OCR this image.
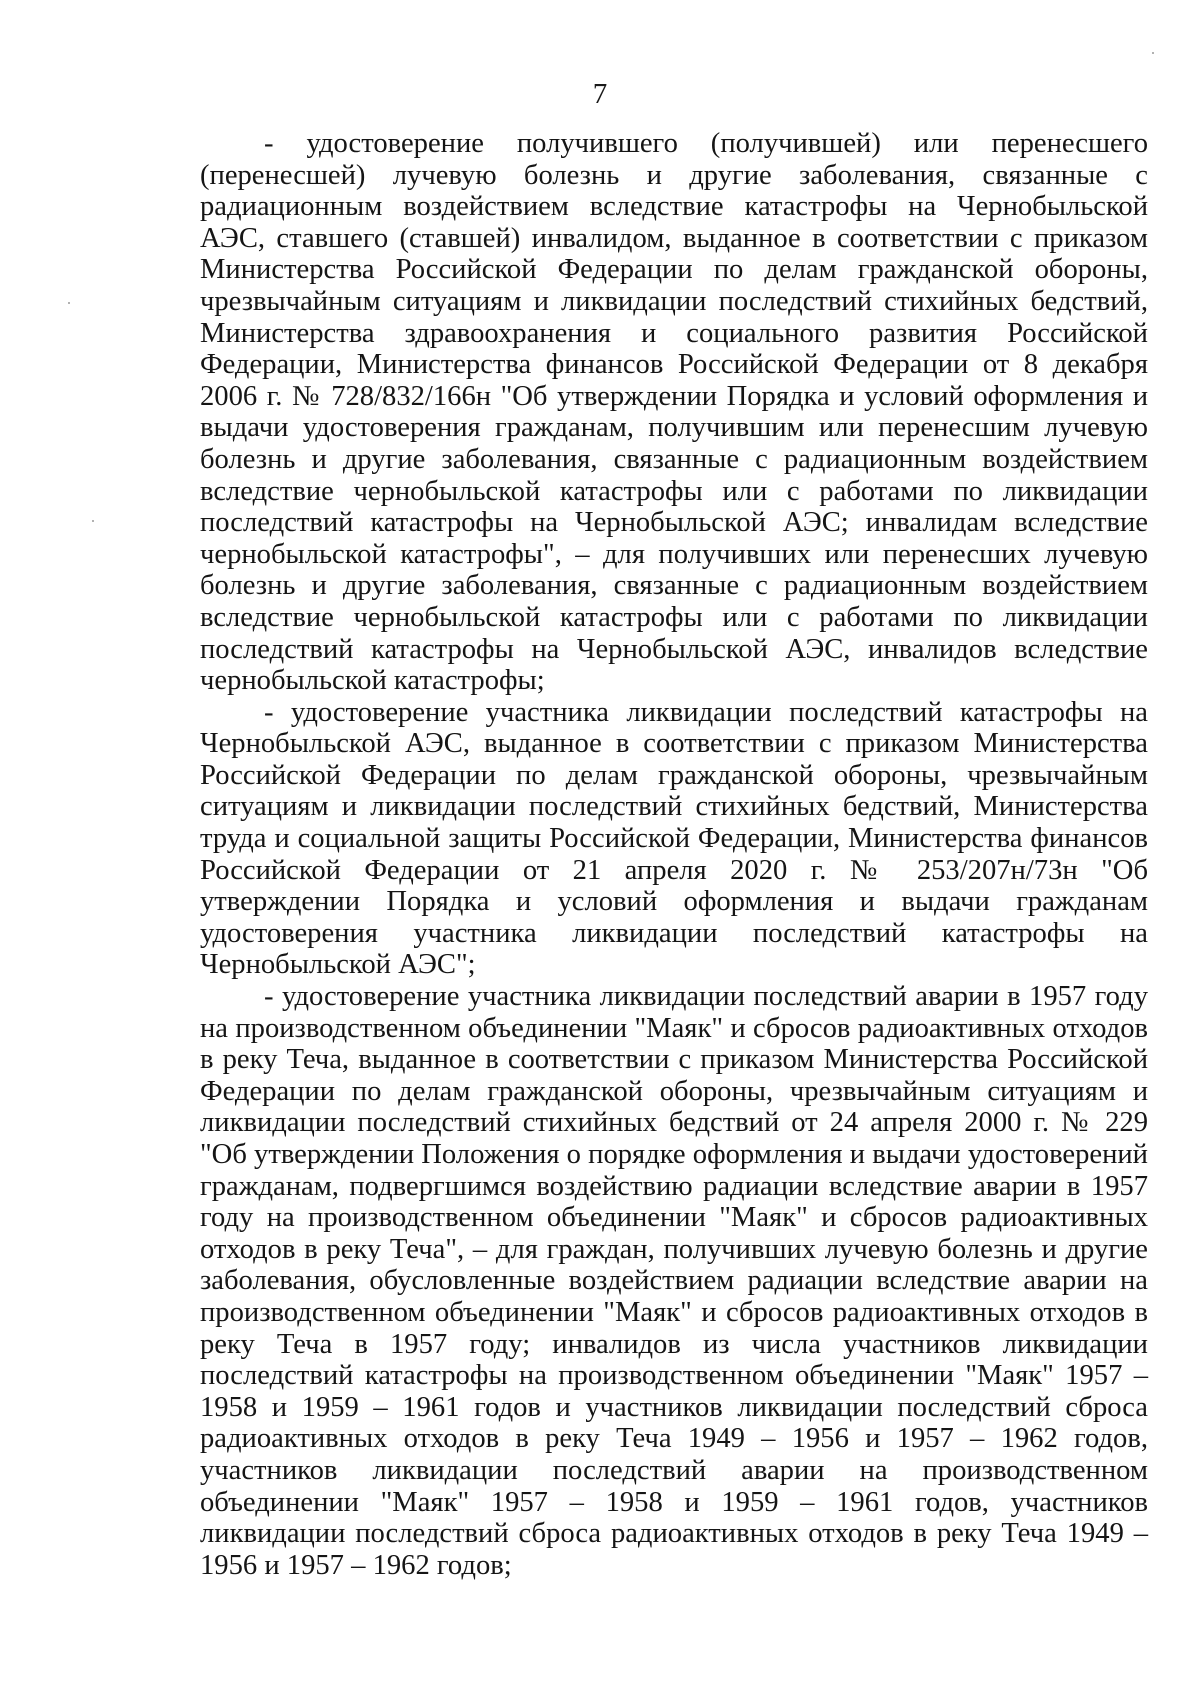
7

- удостоверение получившего (получившей) или перенесшего (перенесшей) лучевую болезнь и другие заболевания, связанные с радиационным воздействием вследствие катастрофы на Чернобыльской АЭС, ставшего (ставшей) инвалидом, выданное в соответствии с приказом Министерства Российской Федерации по делам гражданской обороны, чрезвычайным ситуациям и ликвидации последствий стихийных бедствий, Министерства здравоохранения и социального развития Российской Федерации, Министерства финансов Российской Федерации от 8 декабря 2006 г. № 728/832/166н "Об утверждении Порядка и условий оформления и выдачи удостоверения гражданам, получившим или перенесшим лучевую болезнь и другие заболевания, связанные с радиационным воздействием вследствие чернобыльской катастрофы или с работами по ликвидации последствий катастрофы на Чернобыльской АЭС; инвалидам вследствие чернобыльской катастрофы", – для получивших или перенесших лучевую болезнь и другие заболевания, связанные с радиационным воздействием вследствие чернобыльской катастрофы или с работами по ликвидации последствий катастрофы на Чернобыльской АЭС, инвалидов вследствие чернобыльской катастрофы;

- удостоверение участника ликвидации последствий катастрофы на Чернобыльской АЭС, выданное в соответствии с приказом Министерства Российской Федерации по делам гражданской обороны, чрезвычайным ситуациям и ликвидации последствий стихийных бедствий, Министерства труда и социальной защиты Российской Федерации, Министерства финансов Российской Федерации от 21 апреля 2020 г. № 253/207н/73н "Об утверждении Порядка и условий оформления и выдачи гражданам удостоверения участника ликвидации последствий катастрофы на Чернобыльской АЭС";

- удостоверение участника ликвидации последствий аварии в 1957 году на производственном объединении "Маяк" и сбросов радиоактивных отходов в реку Теча, выданное в соответствии с приказом Министерства Российской Федерации по делам гражданской обороны, чрезвычайным ситуациям и ликвидации последствий стихийных бедствий от 24 апреля 2000 г. № 229 "Об утверждении Положения о порядке оформления и выдачи удостоверений гражданам, подвергшимся воздействию радиации вследствие аварии в 1957 году на производственном объединении "Маяк" и сбросов радиоактивных отходов в реку Теча", – для граждан, получивших лучевую болезнь и другие заболевания, обусловленные воздействием радиации вследствие аварии на производственном объединении "Маяк" и сбросов радиоактивных отходов в реку Теча в 1957 году; инвалидов из числа участников ликвидации последствий катастрофы на производственном объединении "Маяк" 1957 – 1958 и 1959 – 1961 годов и участников ликвидации последствий сброса радиоактивных отходов в реку Теча 1949 – 1956 и 1957 – 1962 годов, участников ликвидации последствий аварии на производственном объединении "Маяк" 1957 – 1958 и 1959 – 1961 годов, участников ликвидации последствий сброса радиоактивных отходов в реку Теча 1949 – 1956 и 1957 – 1962 годов;
